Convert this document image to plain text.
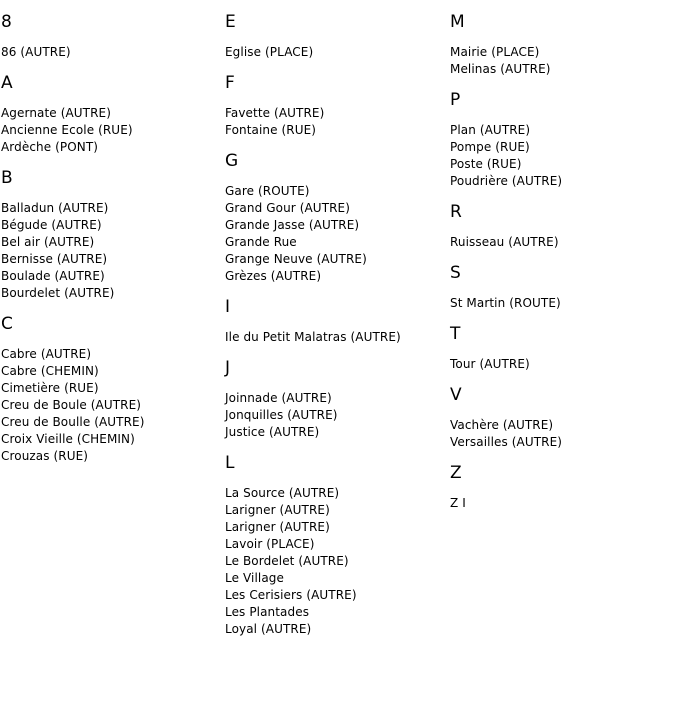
8
86 (AUTRE)
A
Agernate (AUTRE)
Ancienne Ecole (RUE)
Ardèche (PONT)
B
Balladun (AUTRE)
Bégude (AUTRE)
Bel air (AUTRE)
Bernisse (AUTRE)
Boulade (AUTRE)
Bourdelet (AUTRE)
C
Cabre (AUTRE)
Cabre (CHEMIN)
Cimetière (RUE)
Creu de Boule (AUTRE)
Creu de Boulle (AUTRE)
Croix Vieille (CHEMIN)
Crouzas (RUE)
E
Eglise (PLACE)
F
Favette (AUTRE)
Fontaine (RUE)
G
Gare (ROUTE)
Grand Gour (AUTRE)
Grande Jasse (AUTRE)
Grande Rue
Grange Neuve (AUTRE)
Grèzes (AUTRE)
I
Ile du Petit Malatras (AUTRE)
J
Joinnade (AUTRE)
Jonquilles (AUTRE)
Justice (AUTRE)
L
La Source (AUTRE)
Larigner (AUTRE)
Larigner (AUTRE)
Lavoir (PLACE)
Le Bordelet (AUTRE)
Le Village
Les Cerisiers (AUTRE)
Les Plantades
Loyal (AUTRE)
M
Mairie (PLACE)
Melinas (AUTRE)
P
Plan (AUTRE)
Pompe (RUE)
Poste (RUE)
Poudrière (AUTRE)
R
Ruisseau (AUTRE)
S
St Martin (ROUTE)
T
Tour (AUTRE)
V
Vachère (AUTRE)
Versailles (AUTRE)
Z
Z I
